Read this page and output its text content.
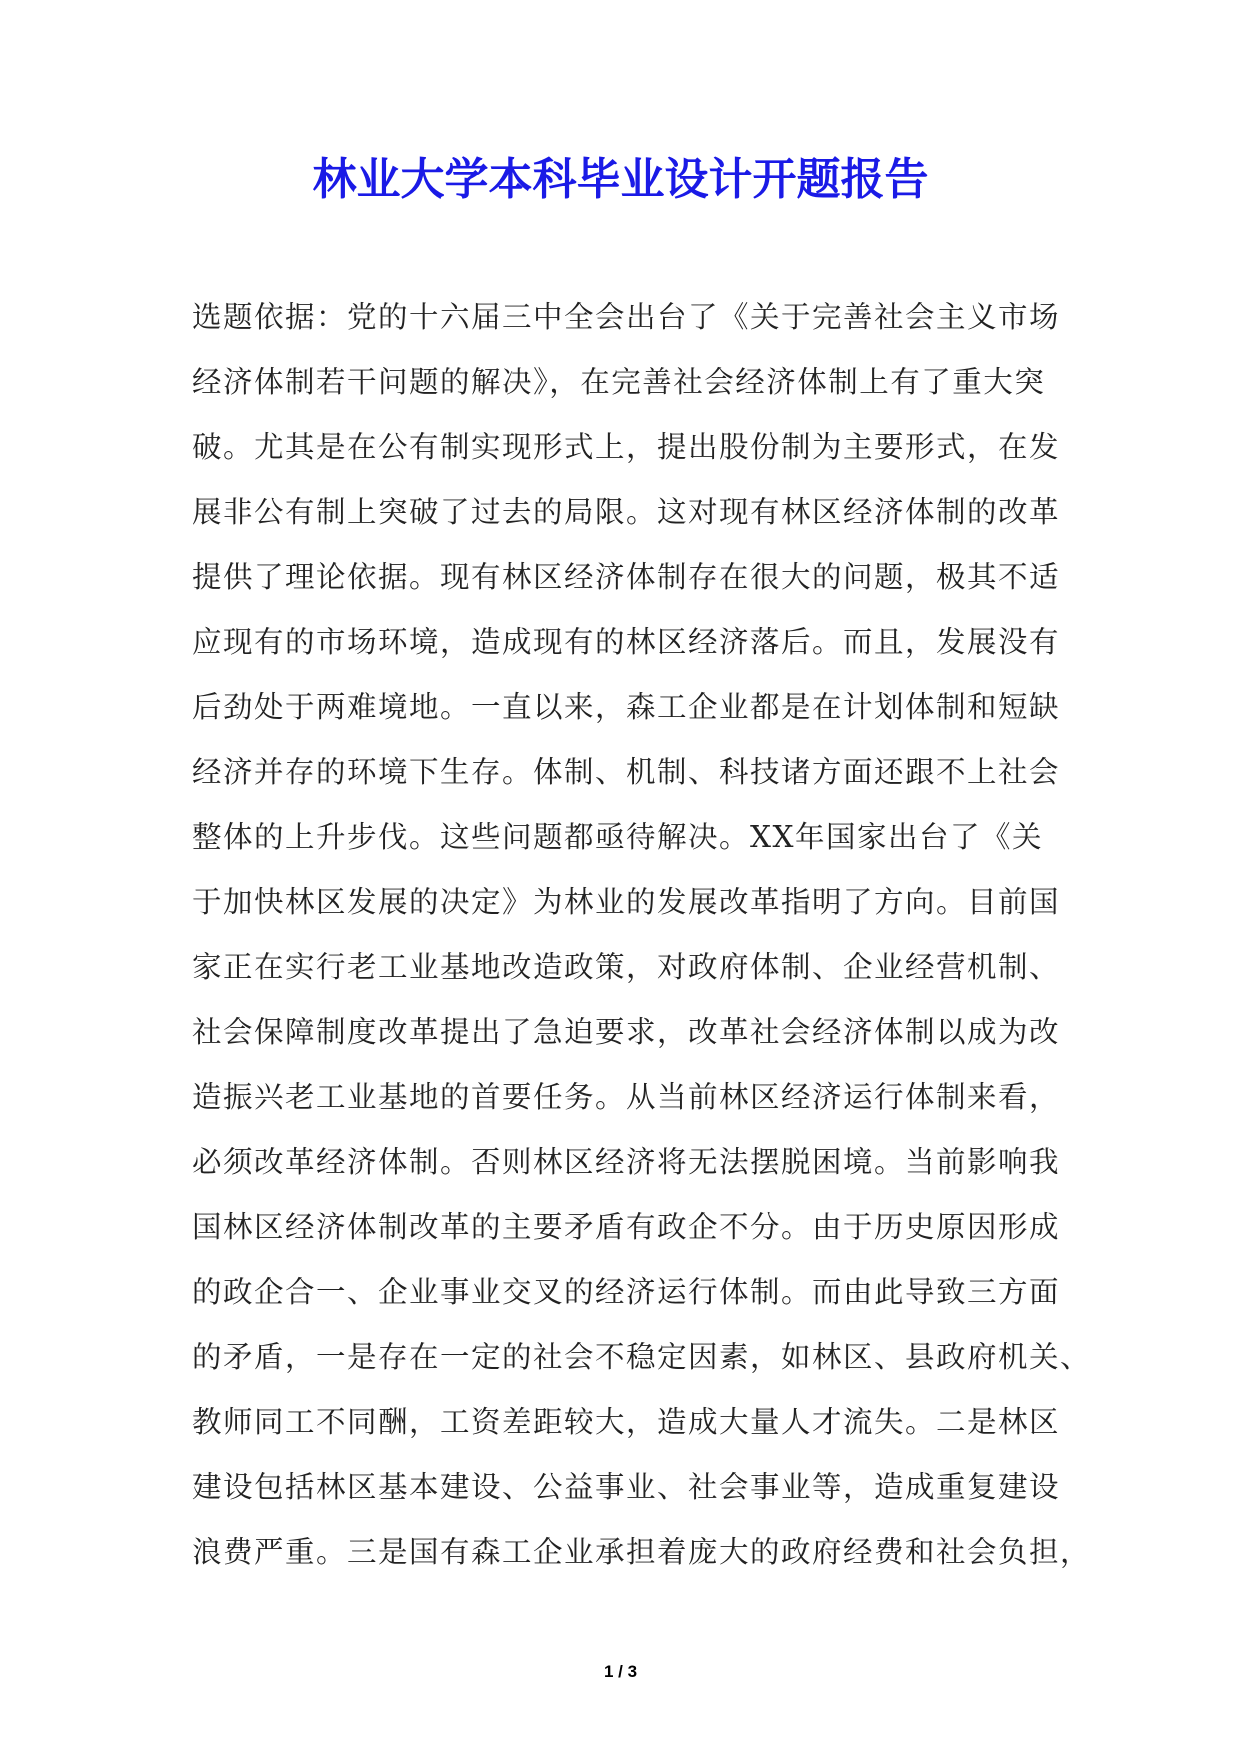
林业大学本科毕业设计开题报告
选题依据：党的十六届三中全会出台了《关于完善社会主义市场
经济体制若干问题的解决》，在完善社会经济体制上有了重大突
破。尤其是在公有制实现形式上，提出股份制为主要形式，在发
展非公有制上突破了过去的局限。这对现有林区经济体制的改革
提供了理论依据。现有林区经济体制存在很大的问题，极其不适
应现有的市场环境，造成现有的林区经济落后。而且，发展没有
后劲处于两难境地。一直以来，森工企业都是在计划体制和短缺
经济并存的环境下生存。体制、机制、科技诸方面还跟不上社会
整体的上升步伐。这些问题都亟待解决。XX年国家出台了《关
于加快林区发展的决定》为林业的发展改革指明了方向。目前国
家正在实行老工业基地改造政策，对政府体制、企业经营机制、
社会保障制度改革提出了急迫要求，改革社会经济体制以成为改
造振兴老工业基地的首要任务。从当前林区经济运行体制来看，
必须改革经济体制。否则林区经济将无法摆脱困境。当前影响我
国林区经济体制改革的主要矛盾有政企不分。由于历史原因形成
的政企合一、企业事业交叉的经济运行体制。而由此导致三方面
的矛盾，一是存在一定的社会不稳定因素，如林区、县政府机关、
教师同工不同酬，工资差距较大，造成大量人才流失。二是林区
建设包括林区基本建设、公益事业、社会事业等，造成重复建设
浪费严重。三是国有森工企业承担着庞大的政府经费和社会负担，
1 / 3
